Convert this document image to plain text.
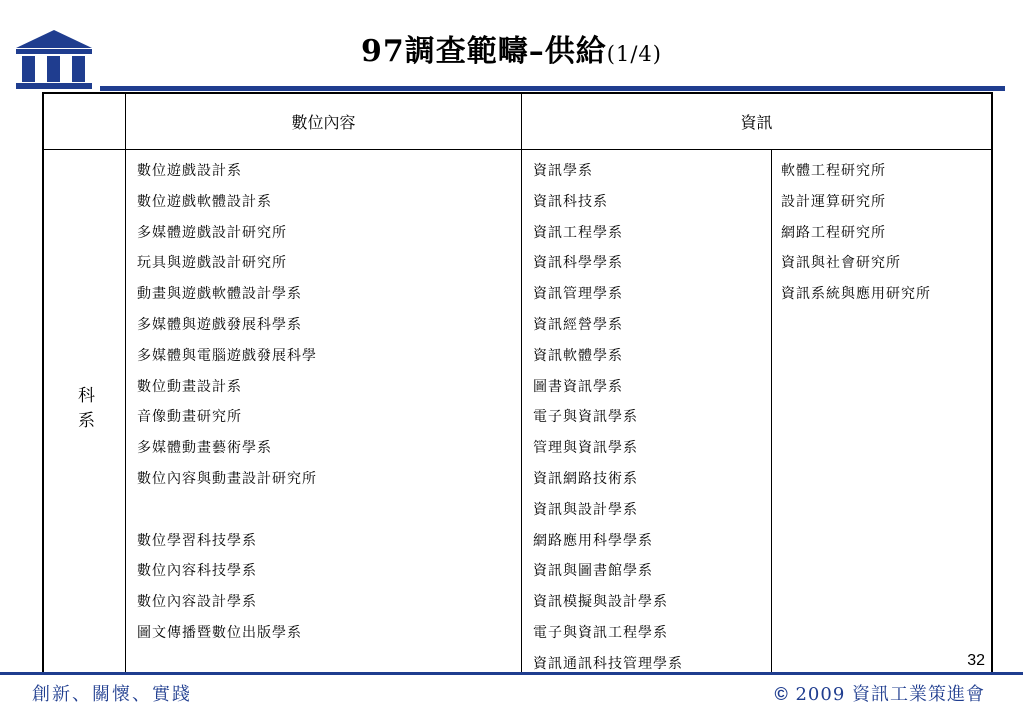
97調查範疇–供給(1/4)
數位內容	資訊
科系
數位遊戲設計系
數位遊戲軟體設計系
多媒體遊戲設計研究所
玩具與遊戲設計研究所
動畫與遊戲軟體設計學系
多媒體與遊戲發展科學系
多媒體與電腦遊戲發展科學
數位動畫設計系
音像動畫研究所
多媒體動畫藝術學系
數位內容與動畫設計研究所
數位學習科技學系
數位內容科技學系
數位內容設計學系
圖文傳播暨數位出版學系
資訊學系
資訊科技系
資訊工程學系
資訊科學學系
資訊管理學系
資訊經營學系
資訊軟體學系
圖書資訊學系
電子與資訊學系
管理與資訊學系
資訊網路技術系
資訊與設計學系
網路應用科學學系
資訊與圖書館學系
資訊模擬與設計學系
電子與資訊工程學系
資訊通訊科技管理學系
軟體工程研究所
設計運算研究所
網路工程研究所
資訊與社會研究所
資訊系統與應用研究所
32
創新、關懷、實踐	© 2009 資訊工業策進會
